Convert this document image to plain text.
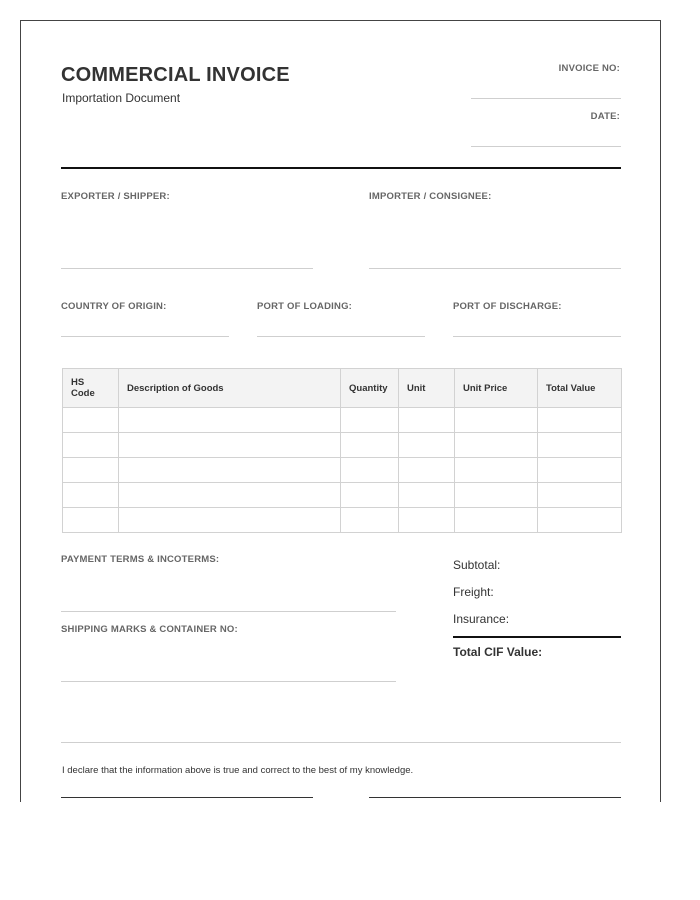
COMMERCIAL INVOICE
Importation Document
INVOICE NO:
DATE:
EXPORTER / SHIPPER:	IMPORTER / CONSIGNEE:
COUNTRY OF ORIGIN:	PORT OF LOADING:	PORT OF DISCHARGE:
HS Code	Description of Goods	Quantity	Unit	Unit Price	Total Value

PAYMENT TERMS & INCOTERMS:
SHIPPING MARKS & CONTAINER NO:
Subtotal:
Freight:
Insurance:
Total CIF Value:
I declare that the information above is true and correct to the best of my knowledge.
